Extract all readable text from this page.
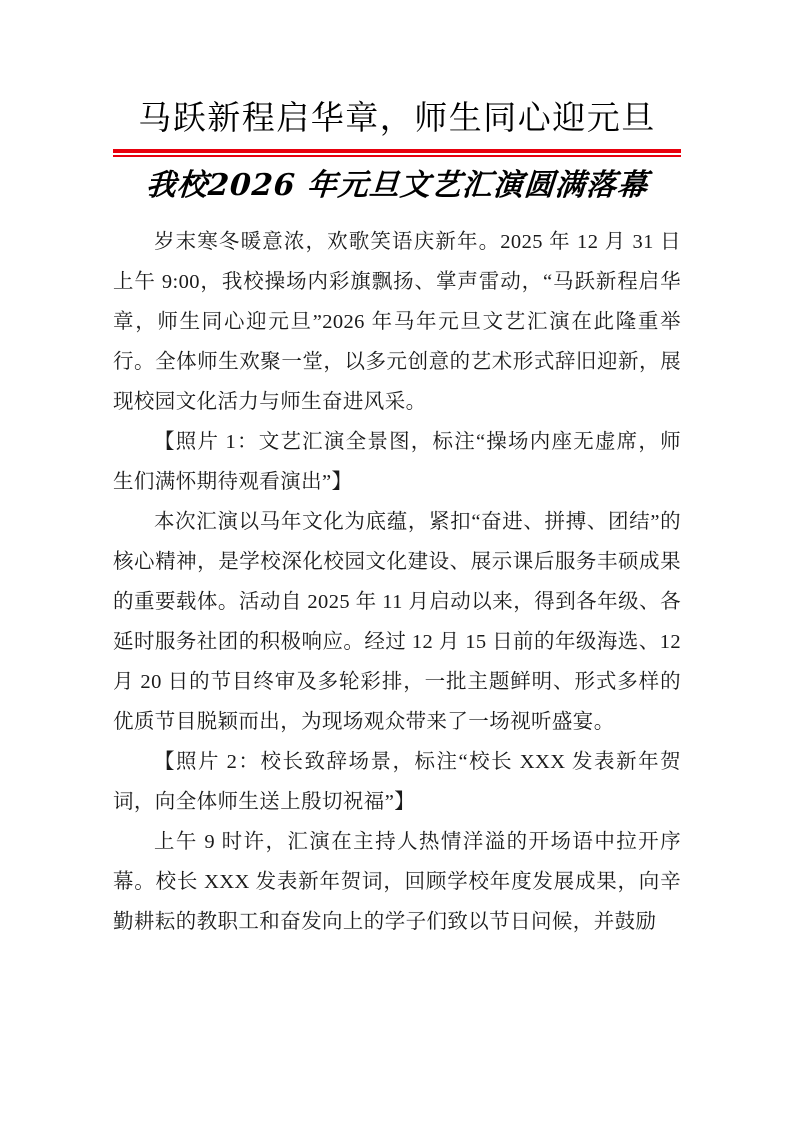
马跃新程启华章，师生同心迎元旦
我校2026 年元旦文艺汇演圆满落幕

岁末寒冬暖意浓，欢歌笑语庆新年。2025 年 12 月 31 日上午 9:00，我校操场内彩旗飘扬、掌声雷动，“马跃新程启华章，师生同心迎元旦”2026 年马年元旦文艺汇演在此隆重举行。全体师生欢聚一堂，以多元创意的艺术形式辞旧迎新，展现校园文化活力与师生奋进风采。

【照片 1：文艺汇演全景图，标注“操场内座无虚席，师生们满怀期待观看演出”】

本次汇演以马年文化为底蕴，紧扣“奋进、拼搏、团结”的核心精神，是学校深化校园文化建设、展示课后服务丰硕成果的重要载体。活动自 2025 年 11 月启动以来，得到各年级、各延时服务社团的积极响应。经过 12 月 15 日前的年级海选、12 月 20 日的节目终审及多轮彩排，一批主题鲜明、形式多样的优质节目脱颖而出，为现场观众带来了一场视听盛宴。

【照片 2：校长致辞场景，标注“校长 XXX 发表新年贺词，向全体师生送上殷切祝福”】

上午 9 时许，汇演在主持人热情洋溢的开场语中拉开序幕。校长 XXX 发表新年贺词，回顾学校年度发展成果，向辛勤耕耘的教职工和奋发向上的学子们致以节日问候，并鼓励
